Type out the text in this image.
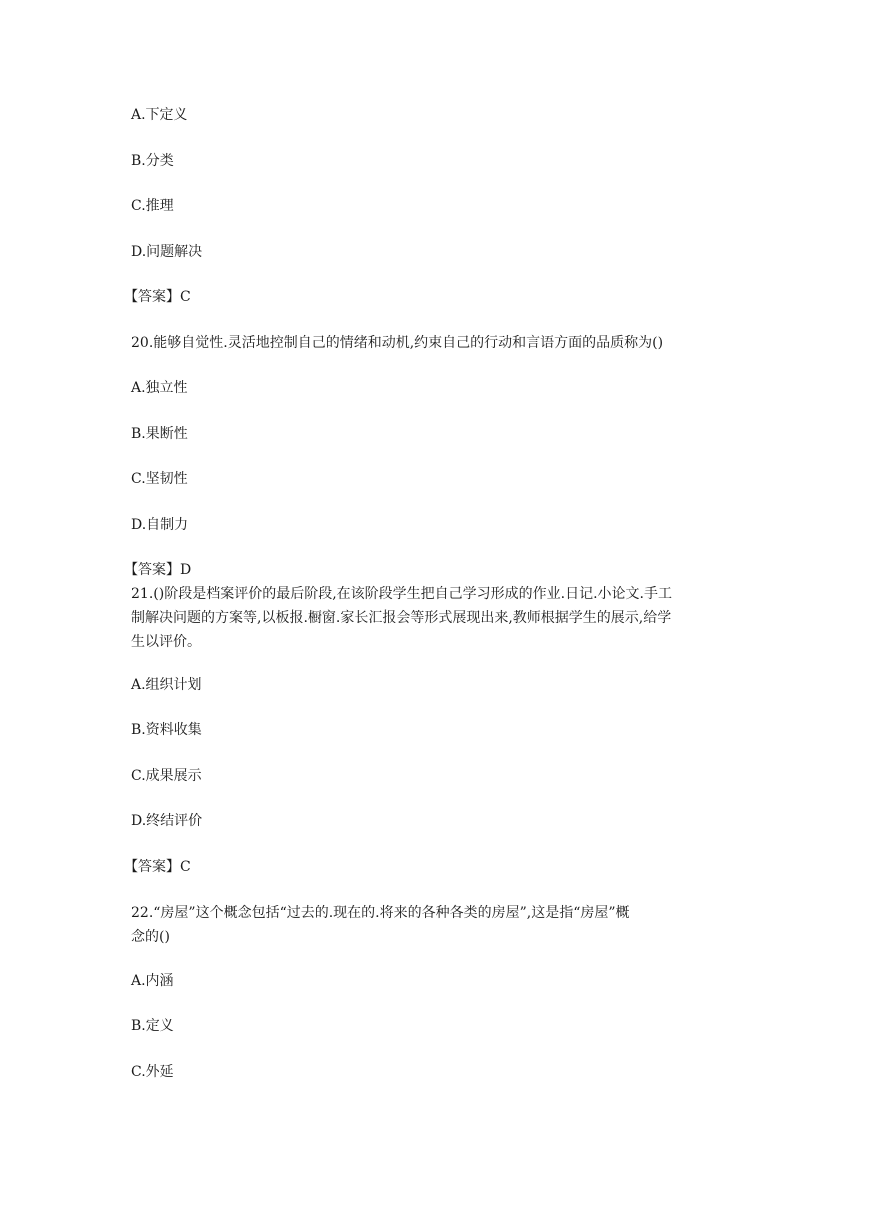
A.下定义
B.分类
C.推理
D.问题解决
【答案】C
20.能够自觉性.灵活地控制自己的情绪和动机,约束自己的行动和言语方面的品质称为()
A.独立性
B.果断性
C.坚韧性
D.自制力
【答案】D
21.()阶段是档案评价的最后阶段,在该阶段学生把自己学习形成的作业.日记.小论文.手工
制解决问题的方案等,以板报.橱窗.家长汇报会等形式展现出来,教师根据学生的展示,给学
生以评价。
A.组织计划
B.资料收集
C.成果展示
D.终结评价
【答案】C
22.“房屋”这个概念包括“过去的.现在的.将来的各种各类的房屋”,这是指“房屋”概
念的()
A.内涵
B.定义
C.外延
